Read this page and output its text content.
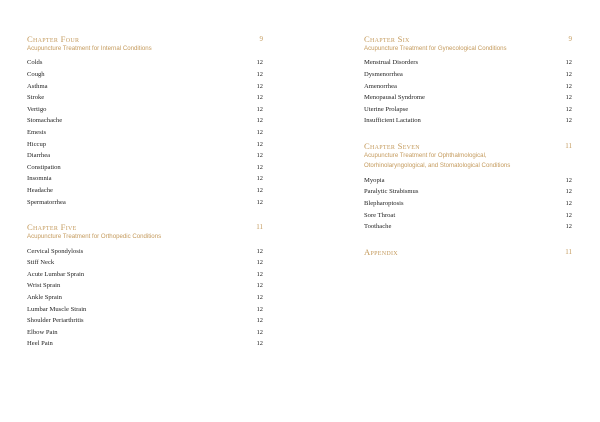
Chapter Four	9
Acupuncture Treatment for Internal Conditions
Colds	12
Cough	12
Asthma	12
Stroke	12
Vertigo	12
Stomachache	12
Emesis	12
Hiccup	12
Diarrhea	12
Constipation	12
Insomnia	12
Headache	12
Spermatorrhea	12
Chapter Five	11
Acupuncture Treatment for Orthopedic Conditions
Cervical Spondylosis	12
Stiff Neck	12
Acute Lumbar Sprain	12
Wrist Sprain	12
Ankle Sprain	12
Lumbar Muscle Strain	12
Shoulder Periarthritis	12
Elbow Pain	12
Heel Pain	12
Chapter Six	9
Acupuncture Treatment for Gynecological Conditions
Menstrual Disorders	12
Dysmenorrhea	12
Amenorrhea	12
Menopausal Syndrome	12
Uterine Prolapse	12
Insufficient Lactation	12
Chapter Seven	11
Acupuncture Treatment for Ophthalmological, Otorhinolaryngological, and Stomatological Conditions
Myopia	12
Paralytic Strabismus	12
Blepharoptosis	12
Sore Throat	12
Toothache	12
Appendix	11
